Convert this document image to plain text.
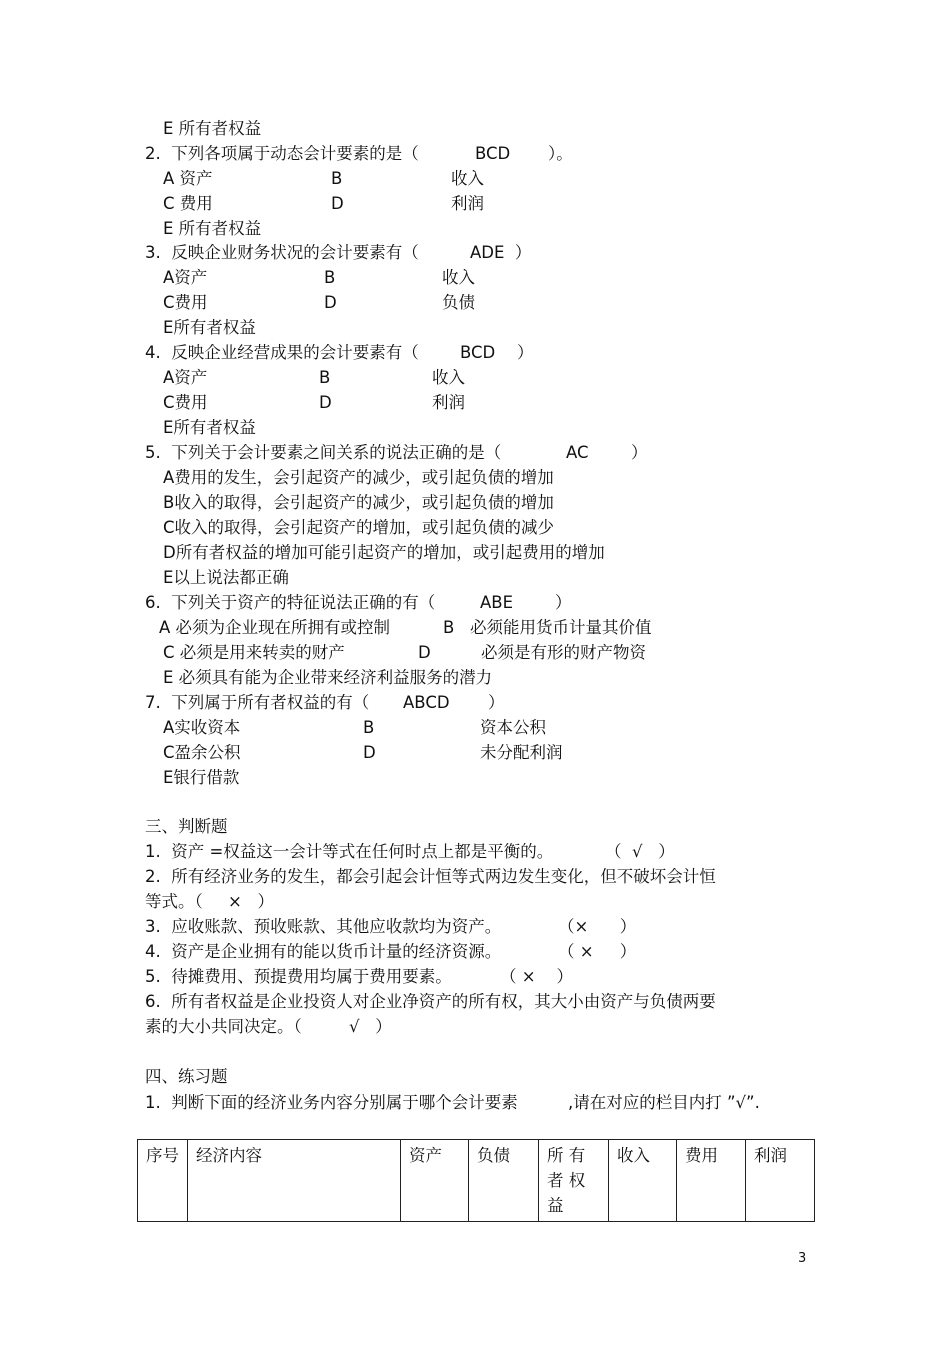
E 所有者权益
2.  下列各项属于动态会计要素的是（
A 资产	B	收入
C 费用	D	利润
E 所有者权益
3.  反映企业财务状况的会计要素有（
A资产	B	收入
C费用	D	负债
E所有者权益
4.  反映企业经营成果的会计要素有（
A资产	B	收入
C费用	D	利润
E所有者权益
5.  下列关于会计要素之间关系的说法正确的是（
A费用的发生，会引起资产的减少，或引起负债的增加
B收入的取得，会引起资产的减少，或引起负债的增加
C收入的取得，会引起资产的增加，或引起负债的减少
D所有者权益的增加可能引起资产的增加，或引起费用的增加
E以上说法都正确
6.  下列关于资产的特征说法正确的有（
A 必须为企业现在所拥有或控制	B   必须能用货币计量其价值
C 必须是用来转卖的财产	D	必须是有形的财产物资
E 必须具有能为企业带来经济利益服务的潜力
7.  下列属于所有者权益的有（
A实收资本	B	资本公积
C盈余公积	D	未分配利润
E银行借款
三、判断题
1.  资产 =权益这一会计等式在任何时点上都是平衡的。
2.  所有经济业务的发生，都会引起会计恒等式两边发生变化，但不破坏会计恒
等式。（
3.  应收账款、预收账款、其他应收款均为资产。
4.  资产是企业拥有的能以货币计量的经济资源。
5.  待摊费用、预提费用均属于费用要素。
6.  所有者权益是企业投资人对企业净资产的所有权，其大小由资产与负债两要
素的大小共同决定。（
四、练习题
1.  判断下面的经济业务内容分别属于哪个会计要素	,请在对应的栏目内打 ”√”.
BCD ）。
ADE  ）
BCD ）
AC	）
ABE	）
ABCD ）
（  √   ）
×   ）
（×      ）
（ ×     ）
（ ×    ）
√   ）
序号	经济内容	资产	负债	所 有者 权益	收入	费用	利润
3
